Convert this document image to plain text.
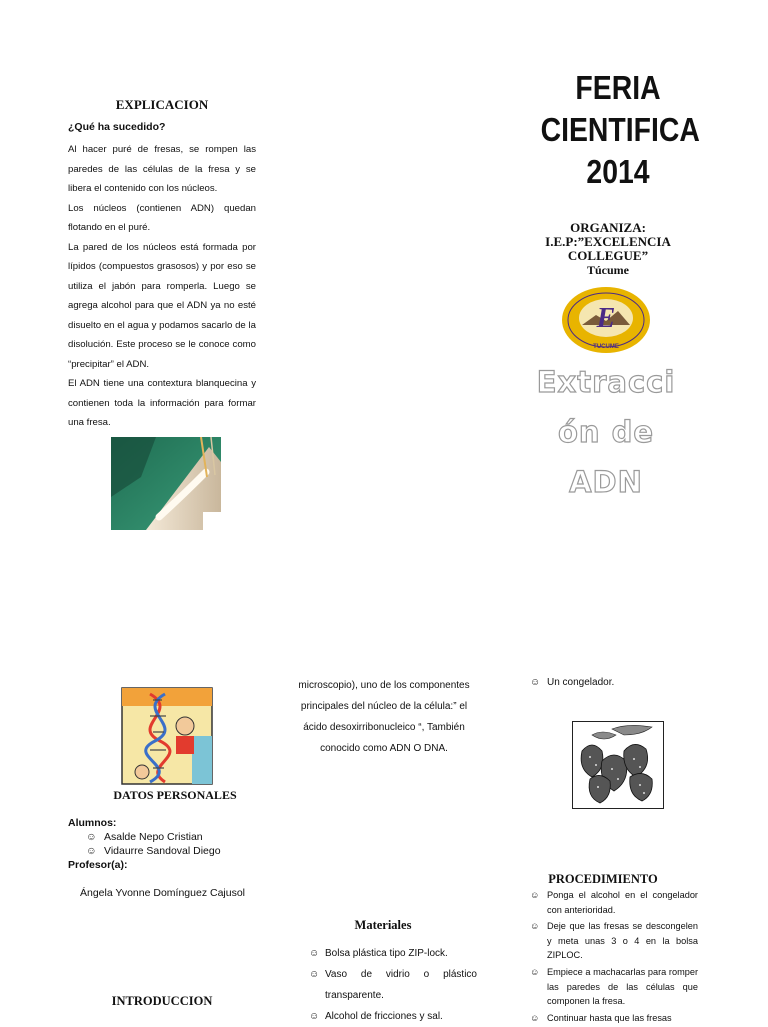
EXPLICACION
¿Qué ha sucedido?

Al hacer puré de fresas, se rompen las paredes de las células de la fresa y se libera el contenido con los núcleos.

Los núcleos (contienen ADN) quedan flotando en el puré.

La pared de los núcleos está formada por lípidos (compuestos grasosos) y por eso se utiliza el jabón para romperla. Luego se agrega alcohol para que el ADN ya no esté disuelto en el agua y podamos sacarlo de la disolución. Este proceso se le conoce como “precipitar” el ADN.

El ADN tiene una contextura blanquecina y contienen toda la información para formar una fresa.

FERIA
CIENTIFICA
2014
ORGANIZA:
I.E.P:”EXCELENCIA
COLLEGUE”
Túcume
E
TUCUME
Extracci
ón de
ADN
DATOS PERSONALES
Alumnos:
☺ Asalde Nepo Cristian
☺ Vidaurre Sandoval Diego
Profesor(a):
Ángela Yvonne Domínguez Cajusol
INTRODUCCION
microscopio), uno de los componentes
principales del núcleo de la célula:” el
ácido desoxirribonucleico “, También
conocido como ADN O DNA.
Materiales
☺ Bolsa plástica tipo ZIP-lock.
☺ Vaso de vidrio o plástico transparente.
☺ Alcohol de fricciones y sal.
☺ Un congelador.
PROCEDIMIENTO
☺ Ponga el alcohol en el congelador con anterioridad.
☺ Deje que las fresas se descongelen y meta unas 3 o 4 en la bolsa ZIPLOC.
☺ Empiece a machacarlas para romper las paredes de las células que componen la fresa.
☺ Continuar hasta que las fresas
